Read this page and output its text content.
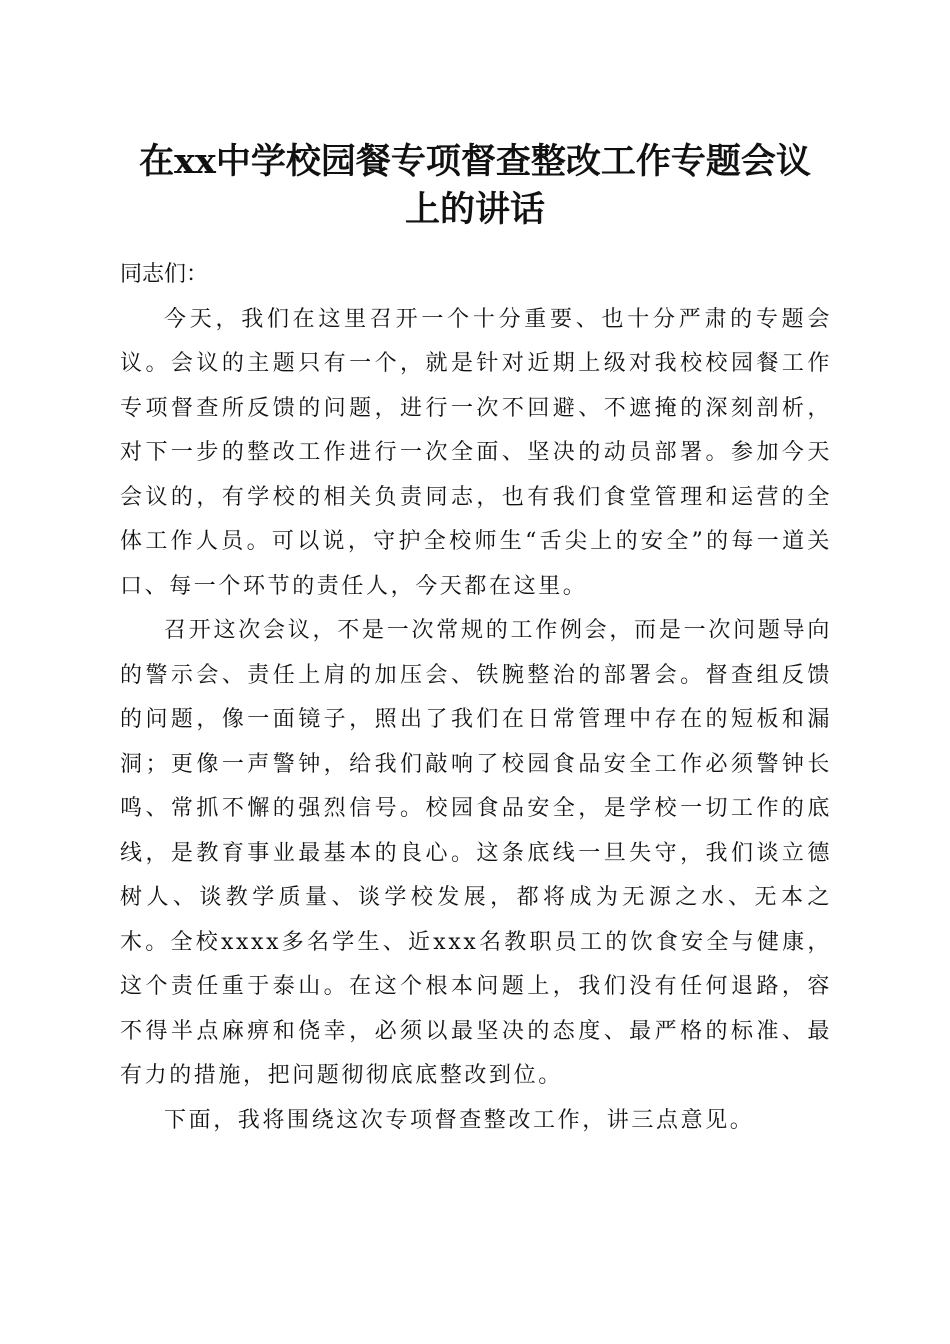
在xx中学校园餐专项督查整改工作专题会议
上的讲话

同志们：

今天，我们在这里召开一个十分重要、也十分严肃的专题会议。会议的主题只有一个，就是针对近期上级对我校校园餐工作专项督查所反馈的问题，进行一次不回避、不遮掩的深刻剖析，对下一步的整改工作进行一次全面、坚决的动员部署。参加今天会议的，有学校的相关负责同志，也有我们食堂管理和运营的全体工作人员。可以说，守护全校师生“舌尖上的安全”的每一道关口、每一个环节的责任人，今天都在这里。

召开这次会议，不是一次常规的工作例会，而是一次问题导向的警示会、责任上肩的加压会、铁腕整治的部署会。督查组反馈的问题，像一面镜子，照出了我们在日常管理中存在的短板和漏洞；更像一声警钟，给我们敲响了校园食品安全工作必须警钟长鸣、常抓不懈的强烈信号。校园食品安全，是学校一切工作的底线，是教育事业最基本的良心。这条底线一旦失守，我们谈立德树人、谈教学质量、谈学校发展，都将成为无源之水、无本之木。全校xxxx多名学生、近xxx名教职员工的饮食安全与健康，这个责任重于泰山。在这个根本问题上，我们没有任何退路，容不得半点麻痹和侥幸，必须以最坚决的态度、最严格的标准、最有力的措施，把问题彻彻底底整改到位。

下面，我将围绕这次专项督查整改工作，讲三点意见。
